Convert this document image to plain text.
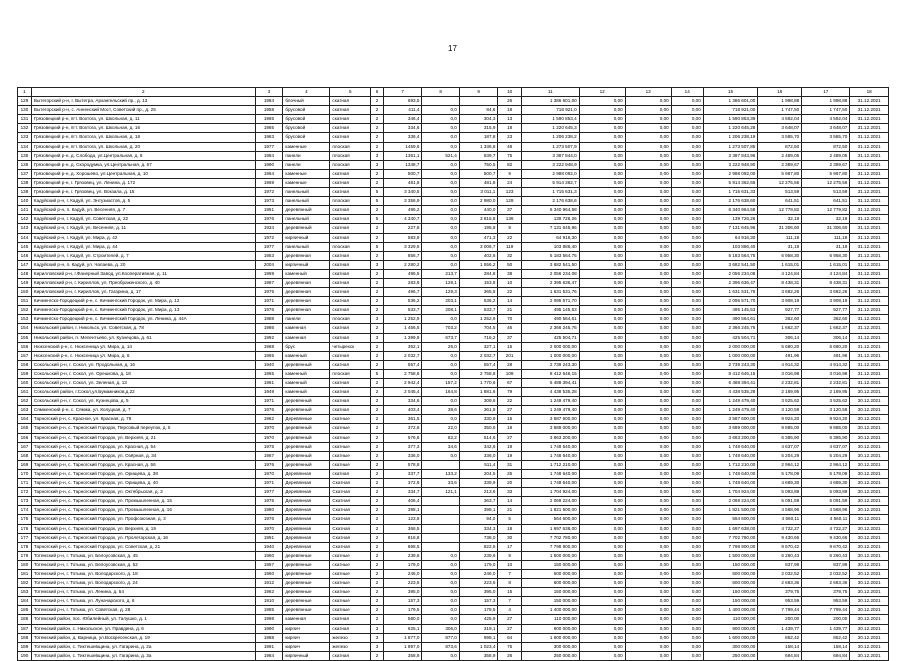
17
1	2	3	4	5	6	7	8	9	10	11	12	13	14	15	16	17	18
129	Вытегорский р-н, г. Вытегра, Архангельский пр., д. 13	1984	блочный	скатная	2	693,5			26	1 386 601,00	0,00	0,00	0,00	1 386 601,00	1 998,88	1 998,88	31.12.2021
130	Вытегорский р-н, с. Анненский Мост, Советский пр., д. 25	1958	брусовой	скатная	2	411,4	0,0	84,6	18	718 921,0	0,00	0,00	0,00	718 921,00	1 747,50	1 747,50	31.12.2021
131	Грязовецкий р-н, пгт. Вохтога, ул. Школьная, д. 11	1965	брусовой	скатная	2	346,4	0,0	304,3	13	1 590 853,4	0,00	0,00	0,00	1 590 853,39	4 592,04	4 592,04	31.12.2021
132	Грязовецкий р-н, пгт. Вохтога, ул. Школьная, д. 16	1965	брусовой	скатная	2	334,6	0,0	315,9	18	1 220 645,3	0,00	0,00	0,00	1 220 645,28	3 648,07	3 648,07	31.12.2021
133	Грязовецкий р-н, пгт. Вохтога, ул. Школьная, д. 18	1963	брусовой	скатная	2	336,4	0,0	187,8	23	1 206 238,2	0,00	0,00	0,00	1 206 238,19	3 585,70	3 585,70	31.12.2021
134	Грязовецкий р-н, пгт. Вохтога, ул. Школьная, д. 20	1977	каменные	плоская	2	1459,6	0,0	1 336,8	48	1 273 507,9	0,00	0,00	0,00	1 273 507,85	872,50	872,50	31.12.2021
135	Грязовецкий р-н, д. Слобода, ул.Центральная, д. 8	1984	панели	плоская	3	1361,1	521,4	839,7	75	3 387 844,0	0,00	0,00	0,00	3 387 843,96	2 489,05	2 489,05	31.12.2021
136	Грязовецкий р-н, д. Скородумка, ул.Центральная, д. 57	1990	панели	плоская	3	1348,7	0,0	750,5	82	3 222 948,9	0,00	0,00	0,00	3 222 948,90	2 389,67	2 389,67	31.12.2021
137	Грязовецкий р-н, д. Хорошево, ул.Центральная, д. 10	1964	каменные	скатная	2	500,7	0,0	500,7	9	2 988 092,0	0,00	0,00	0,00	2 988 092,00	5 967,80	5 967,80	31.12.2021
138	Грязовецкий р-н, г. Грязовец, ул. Ленина, д. 172	1969	каменные	скатная	2	481,8	0,0	481,8	24	5 914 362,7	0,00	0,00	0,00	5 914 362,66	12 275,56	12 275,56	31.12.2021
139	Грязовецкий р-н, г. Грязовец, ул. Вокзала, д. 15	1972	панельный	скатная	5	3 340,5	0,0	3 011,1	123	1 715 631,3	0,00	0,00	0,00	1 715 631,33	513,59	513,59	31.12.2021
140	Кадуйский р-н, г. Кадуй, ул. Энтузиастов, д. 5	1973	панельный	плоская	5	3 356,9	0,0	2 980,0	129	2 176 638,6	0,00	0,00	0,00	2 176 638,60	641,51	641,51	31.12.2021
141	Кадуйский р-н, п. Кадуй, ул. Весенняя, д. 7	1961	деревянный	скатная	2	496,2	0,0	440,0	37	6 340 964,58	0,00	0,00	0,00	6 340 964,58	12 779,82	12 779,82	31.12.2021
142	Кадуйский р-н, г. Кадуй, ул. Советская, д. 22	1976	панельный	скатная	5	4 340,7	0,0	3 815,8	136	139 726,26	0,00	0,00	0,00	139 726,26	32,19	32,19	31.12.2021
143	Кадуйский р-н, г. Кадуй, ул. Весенняя, д. 11	1934	деревянный	скатная	2	227,8	0,0	195,8	9	7 131 645,96	0,00	0,00	0,00	7 131 645,96	31 306,60	31 306,60	31.12.2021
144	Кадуйский р-н, г. Кадуй, ул. Мира, д. 42	1972	кирпичный	скатная	2	583,9	0,0	471,3	22	64 916,30	0,00	0,00	0,00	64 916,30	111,18	111,18	31.12.2021
145	Кадуйский р-н, г. Кадуй, ул. Мира, д. 44	1977	панельный	плоская	5	3 329,6	0,0	3 006,7	119	103 886,40	0,00	0,00	0,00	103 886,40	31,19	31,19	31.12.2021
146	Кадуйский р-н, г. Кадуй, ул. Строителей, д. 7	1953	деревянная	скатная	2	856,7	0,0	402,6	32	5 183 564,75	0,00	0,00	0,00	5 183 564,75	6 958,30	6 958,30	31.12.2021
147	Кадуйский р-н, п. Кадуй, ул. Чапаева, д. 20	2004	кирпичный	скатная	3	2 280,2	0,0	1 556,2	50	3 682 541,50	0,00	0,00	0,00	3 682 541,50	1 615,01	1 615,01	31.12.2021
148	Кирилловский р-н, г.Фанерный Завод, ул.Кооперативная, д. 11	1969	каменный	скатная	2	496,5	213,7	284,8	38	2 056 234,08	0,00	0,00	0,00	2 056 234,08	4 124,84	4 124,84	31.12.2021
149	Кирилловский р-н, г. Кириллов, ул. Преображенского, д. 40	1987	деревянная	скатная	2	283,9	128,1	153,8	10	2 395 636,47	0,00	0,00	0,00	2 395 636,47	8 438,31	8 438,31	31.12.2021
150	Кирилловский р-н, г. Кириллов, ул. Гагарина, д. 17	1975	деревянная	скатная	2	496,7	129,3	365,5	22	1 631 531,76	0,00	0,00	0,00	1 631 531,76	3 682,26	3 682,26	31.12.2021
151	Кичменгско-Городецкий р-н, с. Кичменгский Городок, ул. Мира, д. 12	1971	деревянная	скатная	2	536,2	203,1	536,2	14	2 095 571,70	0,00	0,00	0,00	2 095 571,70	3 908,19	3 908,19	31.12.2021
152	Кичменгско-Городецкий р-н, с. Кичменгский Городок, ул. Мира, д. 13	1976	деревянная	скатная	2	533,7	208,1	533,7	21	495 145,53	0,00	0,00	0,00	495 145,53	927,77	927,77	31.12.2021
153	Кичменгско-Городецкий р-н, с. Кичменгский Городок, ул. Ленина, д. 44А	1988	панели	плоская	3	1 252,9	0,0	1 252,9	70	490 564,61	0,00	0,00	0,00	490 564,61	362,60	362,60	31.12.2021
154	Никольский район, г. Никольск, ул. Советская, д. 78	1986	каменная	скатная	2	1 456,5	703,2	704,5	46	2 366 245,76	0,00	0,00	0,00	2 366 245,76	1 662,37	1 662,37	31.12.2021
155	Никольский район, п. Мелентьево, ул. Кузнецова, д. 61	1992	каменная	скатная	3	1 399,9	673,7	716,2	37	425 504,71	0,00	0,00	0,00	425 504,71	306,14	306,14	31.12.2021
156	Нюксенский р-н, с. Нюксеница ул. Мира, д. 14	1968	брус	четырехск	2	352,1	25,0	327,1	15	2 000 000,00	0,00	0,00	0,00	2 000 000,00	5 680,20	5 680,20	31.12.2021
157	Нюксенский р-н, с. Нюксеница ул. Мира, д. 6	1965	каменный	скатная	2	2 032,7	0,0	2 032,7	201	1 000 000,00	0,00	0,00	0,00	1 000 000,00	491,96	491,96	31.12.2021
158	Сокольский р-н, г. Сокол, ул. Продольная, д. 16	1940	деревянный	скатная	2	557,4	0,0	557,4	28	2 739 243,30	0,00	0,00	0,00	2 739 243,30	4 914,32	4 914,32	31.12.2021
159	Сокольский р-н, г. Сокол, ул. Орешкова, д. 18	1965	каменный	плоская	5	2 758,8	0,0	2 758,8	109	8 412 646,15	0,00	0,00	0,00	8 412 646,15	3 016,98	3 016,98	31.12.2021
160	Сокольский р-н, г. Сокол, ул. Зеленая, д. 13	1961	каменный	скатная	2	2 942,4	157,2	1 770,6	67	6 488 394,41	0,00	0,00	0,00	6 488 394,41	2 232,81	2 232,81	31.12.2021
161	Сокольский район, г.Сокол,ул.Бумажников,д.22	1949	каменный	скатная	2	2 045,4	164,8	1 881,6	79	4 438 535,28	0,00	0,00	0,00	4 438 535,28	2 169,95	2 169,95	30.12.2021
162	Сокольский р-н, г. Сокол, ул. Кузнецова, д. 5	1971	деревянный	скатная	2	334,6	0,0	309,6	22	1 249 479,40	0,00	0,00	0,00	1 249 479,40	3 525,62	3 525,62	30.12.2021
163	Сямженский р-н, с. Сямжа, ул. Колуцкая, д. 7	1976	деревянный	скатная	2	403,4	38,6	361,8	27	1 249 479,40	0,00	0,00	0,00	1 249 479,40	3 120,58	3 120,58	30.12.2021
164	Тарногский р-н, с. Красное, ул. Красная, д. 78	1962	Деревянные	скатные	2	361,5	0,0	330,9	15	3 587 600,00	0,00	0,00	0,00	3 587 600,00	9 924,20	9 924,20	30.12.2021
165	Тарногский р-н, с. Тарногский Городок, Персовый переулок, д. 5	1970	деревянный	скатные	2	372,6	22,0	350,6	18	3 689 000,00	0,00	0,00	0,00	3 689 000,00	9 885,00	9 885,00	30.12.2021
166	Тарногский р-н, с. Тарногский Городок, ул. Верхняя, д. 21	1970	деревянный	скатные	2	576,8	82,2	514,6	27	3 663 200,00	0,00	0,00	0,00	3 663 200,00	6 385,90	6 385,90	30.12.2021
167	Тарногский р-н, с. Тарногский Городок, ул. Красная, д. 54	1975	деревянный	скатные	2	377,3	34,6	342,6	19	1 748 640,00	0,00	0,00	0,00	1 748 640,00	4 637,07	4 637,07	30.12.2021
168	Тарногский р-н, с. Тарногский Городок, ул. Озёрная, д. 34	1967	деревянный	скатные	2	336,0	0,0	336,0	19	1 748 640,00	0,00	0,00	0,00	1 748 640,00	5 204,29	5 204,29	30.12.2021
169	Тарногский р-н, с. Тарногский Городок, ул. Красная, д. 56	1976	деревянный	скатные	2	578,8		511,4	31	1 712 210,00	0,00	0,00	0,00	1 712 210,00	2 964,12	2 964,12	30.12.2021
170	Тарногский р-н, с. Тарногский Городок, ул. Орищева, д. 38	1970	Деревянная	скатная	2	337,7	133,2	204,5	25	1 748 640,00	0,00	0,00	0,00	1 748 640,00	5 178,09	5 178,09	30.12.2021
171	Тарногский р-н, с. Тарногский Городок, ул. Орищева, д. 40	1971	Деревянная	Скатная	2	372,9	33,6	339,9	20	1 748 640,00	0,00	0,00	0,00	1 748 640,00	4 689,30	4 689,30	30.12.2021
172	Тарногский р-н, с. Тарногский Городок, ул. Октябрьская, д. 3	1977	Деревянная	Скатная	2	334,7	121,1	213,6	33	1 704 924,00	0,00	0,00	0,00	1 704 924,00	5 093,89	5 093,89	30.12.2021
173	Тарногский р-н, с. Тарногский Городок, ул. Промышленная, д. 15	1975	Деревянная	Скатная	2	406,4		363,7	14	2 069 224,00	0,00	0,00	0,00	2 069 224,00	5 091,59	5 091,59	30.12.2021
174	Тарногский р-н, с. Тарногский Городок, ул. Промышленная, д. 16	1980	Деревянная	Скатная	2	398,1		398,1	21	1 821 500,00	0,00	0,00	0,00	1 821 500,00	4 568,96	4 568,96	30.12.2021
175	Тарногский р-н, с. Тарногский Городок, ул. Профсоюзная, д. 3	1976	Деревянная	Скатная	2	123,8		94,0	5	564 600,00	0,00	0,00	0,00	564 600,00	4 560,11	4 560,11	30.12.2021
176	Тарногский р-н, с. Тарногский Городок, ул. Верхняя, д. 19	1970	Деревянная	Скатная	2	366,5		334,3	18	1 697 638,00	0,00	0,00	0,00	1 697 638,00	4 722,27	4 722,27	30.12.2021
177	Тарногский р-н, с. Тарногский Городок, ул. Пролетарская, д. 16	1991	Деревянная	Скатная	2	816,8		738,0	30	7 702 780,00	0,00	0,00	0,00	7 702 780,00	9 430,66	9 430,66	30.12.2021
178	Тарногский р-н, с. Тарногский Городок, ул. Советская, д. 21	1940	Деревянная	Скатная	2	868,5		822,5	17	7 798 900,00	0,00	0,00	0,00	7 798 900,00	9 670,42	9 670,42	30.12.2021
179	Тотемский р-н, г. Тотьма, ул. Белоусовская, д. 45	1960	деревянные	скатные	2	239,6	0,0	239,6	9	1 500 000,00	0,00	0,00	0,00	1 500 000,00	6 260,43	6 260,43	30.12.2021
180	Тотемский р-н, г. Тотьма, ул. Белоусовская, д. 52	1957	деревянные	скатные	2	179,0	0,0	179,0	10	150 000,00	0,00	0,00	0,00	150 000,00	837,99	837,99	30.12.2021
181	Тотемский р-н, г. Тотьма, ул. Володарского, д. 18	1960	деревянные	скатные	2	246,0	0,0	246,0	7	500 000,00	0,00	0,00	0,00	500 000,00	2 032,52	2 032,52	30.12.2021
182	Тотемский р-н, г. Тотьма, ул. Володарского, д. 24	1912	деревянные	скатные	2	223,6	0,0	223,6	8	600 000,00	0,00	0,00	0,00	600 000,00	2 683,36	2 683,36	30.12.2021
183	Тотемский р-н, г. Тотьма, ул. Ленина, д. 54	1962	деревянные	скатные	2	395,0	0,0	395,0	15	150 000,00	0,00	0,00	0,00	150 000,00	379,75	379,75	30.12.2021
184	Тотемский р-н, г. Тотьма, ул. Луначарского, д. 6	1910	деревянные	скатные	2	157,3	0,0	157,3	7	150 000,00	0,00	0,00	0,00	150 000,00	953,59	953,59	30.12.2021
185	Тотемский р-н, г. Тотьма, ул. Советская, д. 28	1985	деревянные	скатные	2	179,5	0,0	179,5	4	1 400 000,00	0,00	0,00	0,00	1 400 000,00	7 799,44	7 799,44	30.12.2021
186	Тотемский район, пос. Юбилейный, ул. Галушко, д. 1	1998	каменная	скатная	2	580,0	0,0	425,9	27	110 000,00	0,00	0,00	0,00	110 000,00	200,00	200,00	30.12.2021
187	Тотемский район, с. Никольское, ул. Правдина, д. 6	1990	кирпич	скатная	3	625,1	306,0	319,1	27	900 000,00	0,00	0,00	0,00	900 000,00	1 439,77	1 439,77	30.12.2021
188	Тотемский район, д. Варница, ул.Воскресенская, д. 19	1988	кирпич	железо	3	1 877,0	877,0	998,1	64	1 600 000,00	0,00	0,00	0,00	1 600 000,00	852,42	852,42	30.12.2021
189	Тотемский район, с. Тиктешевщина, ул. Гагарина, д. 2а	1991	кирпич	железо	3	1 897,0	873,6	1 023,4	75	300 000,00	0,00	0,00	0,00	300 000,00	158,14	158,14	30.12.2021
190	Тотемский район, с. Тиктешевщина, ул. Гагарина, д. 3а	1984	кирпичный	скатная	2	358,9	0,0	358,9	26	250 000,00	0,00	0,00	0,00	250 000,00	694,84	694,84	30.12.2021
